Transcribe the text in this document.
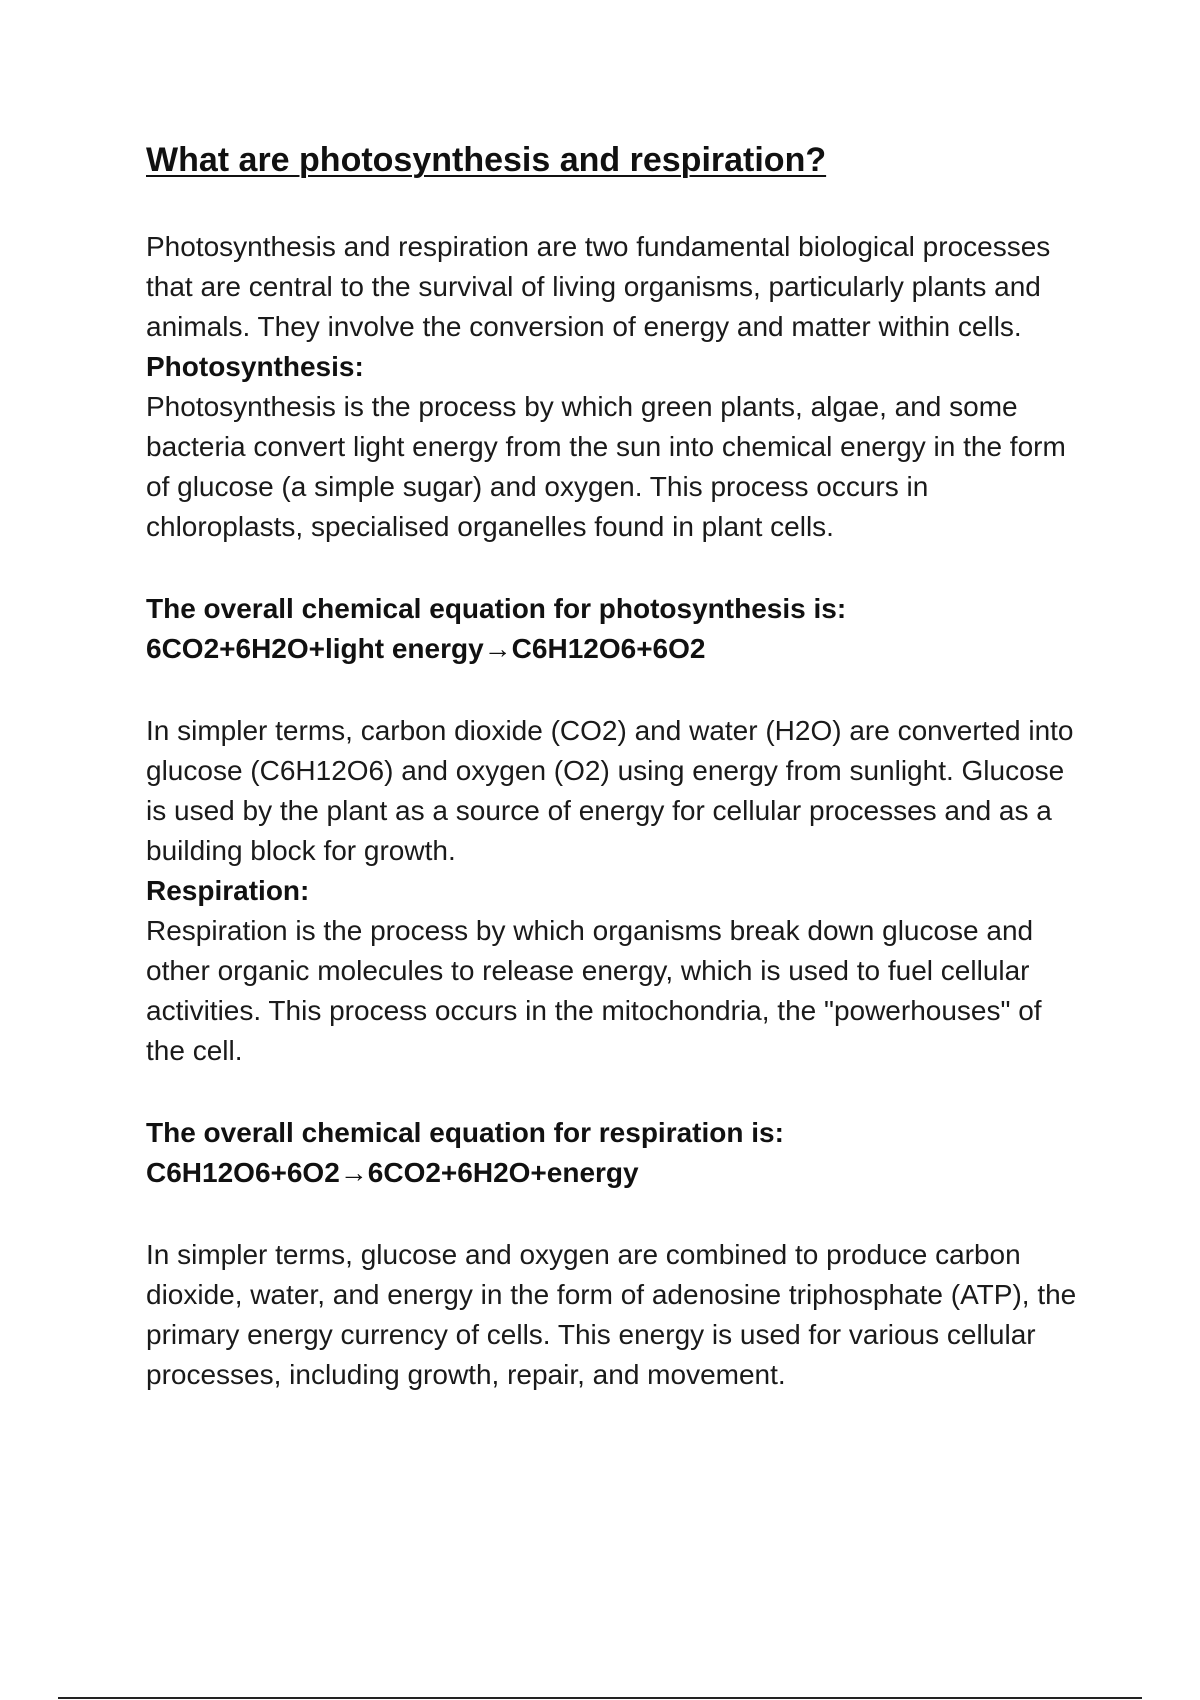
What are photosynthesis and respiration?

Photosynthesis and respiration are two fundamental biological processes that are central to the survival of living organisms, particularly plants and animals. They involve the conversion of energy and matter within cells.

Photosynthesis:

Photosynthesis is the process by which green plants, algae, and some bacteria convert light energy from the sun into chemical energy in the form of glucose (a simple sugar) and oxygen. This process occurs in chloroplasts, specialised organelles found in plant cells.

The overall chemical equation for photosynthesis is:

6CO2+6H2O+light energy→C6H12O6+6O2

In simpler terms, carbon dioxide (CO2) and water (H2O) are converted into glucose (C6H12O6) and oxygen (O2) using energy from sunlight. Glucose is used by the plant as a source of energy for cellular processes and as a building block for growth.

Respiration:

Respiration is the process by which organisms break down glucose and other organic molecules to release energy, which is used to fuel cellular activities. This process occurs in the mitochondria, the "powerhouses" of the cell.

The overall chemical equation for respiration is:

C6H12O6+6O2→6CO2+6H2O+energy

In simpler terms, glucose and oxygen are combined to produce carbon dioxide, water, and energy in the form of adenosine triphosphate (ATP), the primary energy currency of cells. This energy is used for various cellular processes, including growth, repair, and movement.
